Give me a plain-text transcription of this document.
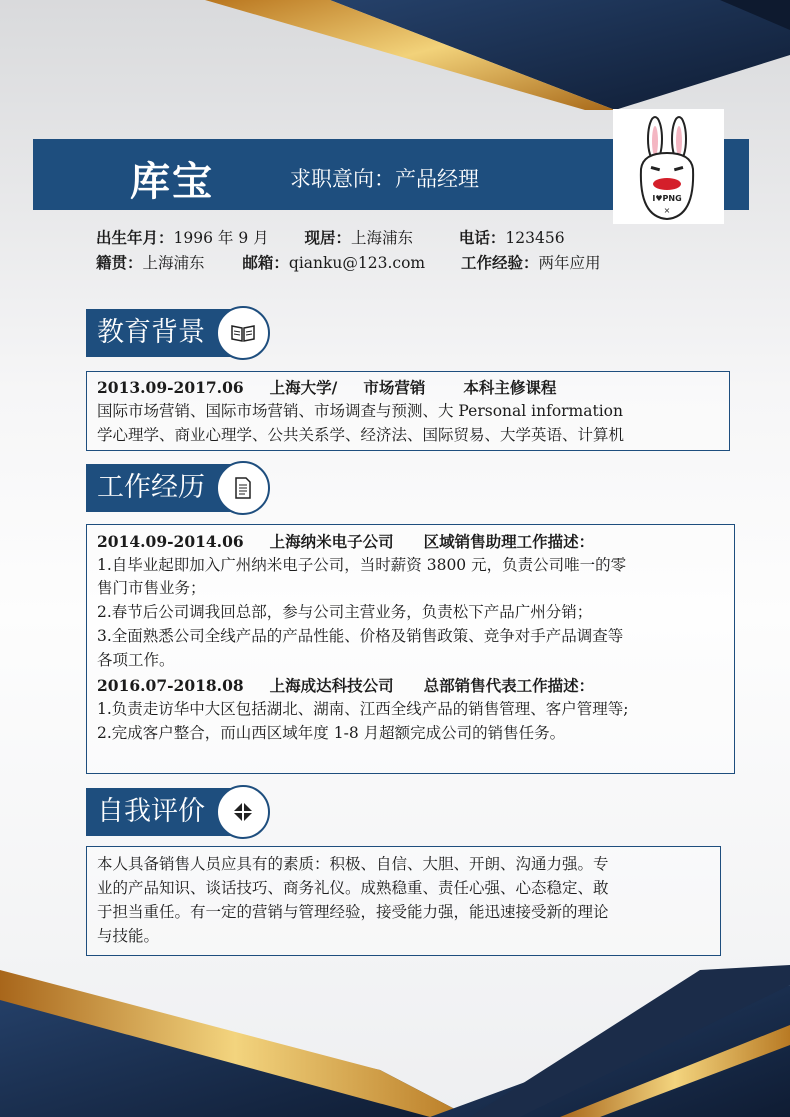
库宝	求职意向：产品经理
I♥PNG
×
出生年月：1996 年 9 月 现居：上海浦东	电话：123456
籍贯：上海浦东 邮箱：qianku@123.com 工作经验：两年应用
教育背景
2013.09-2017.06 上海大学/ 市场营销 本科主修课程
国际市场营销、国际市场营销、市场调查与预测、大 Personal information
学心理学、商业心理学、公共关系学、经济法、国际贸易、大学英语、计算机
工作经历
2014.09-2014.06 上海纳米电子公司 区域销售助理工作描述：
1.自毕业起即加入广州纳米电子公司，当时薪资 3800 元，负责公司唯一的零
售门市售业务；
2.春节后公司调我回总部，参与公司主营业务，负责松下产品广州分销；
3.全面熟悉公司全线产品的产品性能、价格及销售政策、竞争对手产品调查等
各项工作。
2016.07-2018.08 上海成达科技公司 总部销售代表工作描述：
1.负责走访华中大区包括湖北、湖南、江西全线产品的销售管理、客户管理等;
2.完成客户整合，而山西区域年度 1-8 月超额完成公司的销售任务。
自我评价
本人具备销售人员应具有的素质：积极、自信、大胆、开朗、沟通力强。专
业的产品知识、谈话技巧、商务礼仪。成熟稳重、责任心强、心态稳定、敢
于担当重任。有一定的营销与管理经验，接受能力强，能迅速接受新的理论
与技能。
